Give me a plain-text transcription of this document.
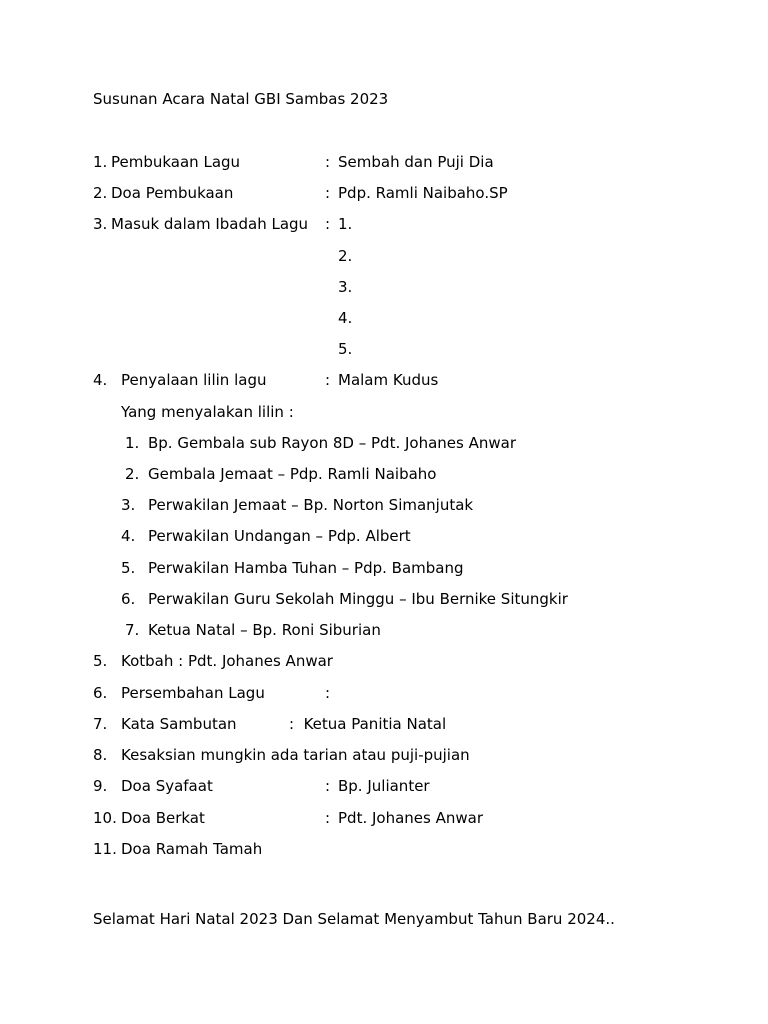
Susunan Acara Natal GBI Sambas 2023
1. Pembukaan Lagu	: Sembah dan Puji Dia
2. Doa Pembukaan	: Pdp. Ramli Naibaho.SP
3. Masuk dalam Ibadah Lagu : 1.
2.
3.
4.
5.
4. Penyalaan lilin lagu	: Malam Kudus
Yang menyalakan lilin :
1. Bp. Gembala sub Rayon 8D – Pdt. Johanes Anwar
2. Gembala Jemaat – Pdp. Ramli Naibaho
3. Perwakilan Jemaat – Bp. Norton Simanjutak
4. Perwakilan Undangan – Pdp. Albert
5. Perwakilan Hamba Tuhan – Pdp. Bambang
6. Perwakilan Guru Sekolah Minggu – Ibu Bernike Situngkir
7. Ketua Natal – Bp. Roni Siburian
5. Kotbah : Pdt. Johanes Anwar
6. Persembahan Lagu	:
7. Kata Sambutan           :  Ketua Panitia Natal
8. Kesaksian mungkin ada tarian atau puji-pujian
9. Doa Syafaat	: Bp. Julianter
10. Doa Berkat	: Pdt. Johanes Anwar
11. Doa Ramah Tamah
Selamat Hari Natal 2023 Dan Selamat Menyambut Tahun Baru 2024..
